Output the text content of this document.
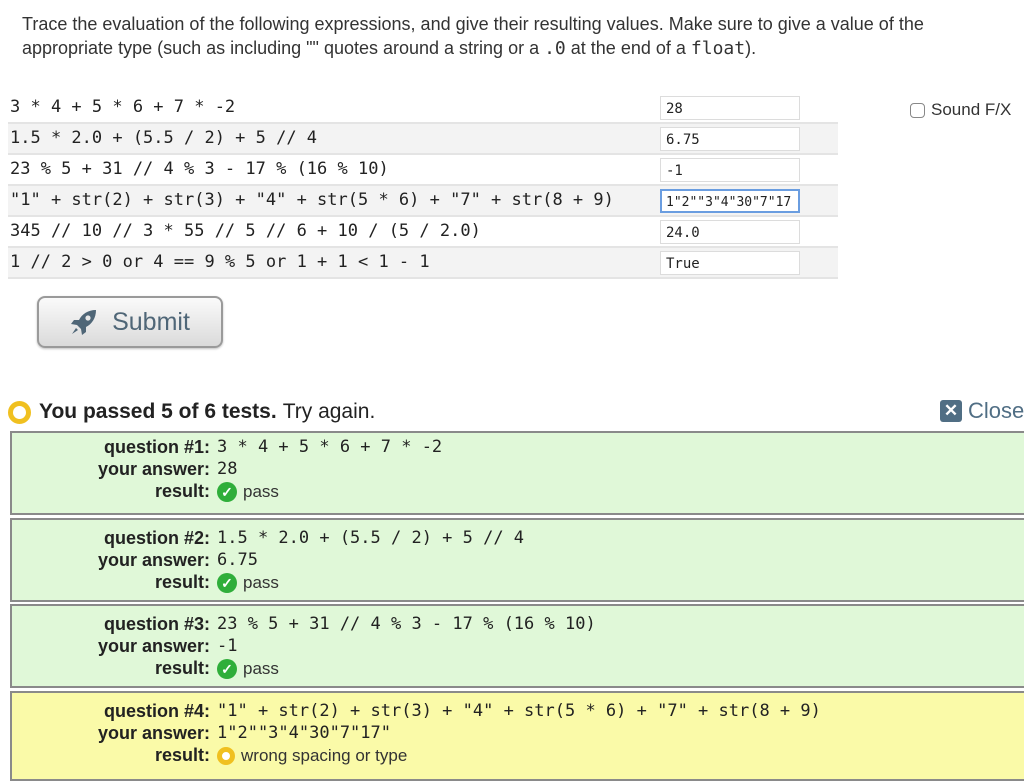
Trace the evaluation of the following expressions, and give their resulting values. Make sure to give a value of the
appropriate type (such as including "" quotes around a string or a .0 at the end of a float).
3 * 4 + 5 * 6 + 7 * -2	28
1.5 * 2.0 + (5.5 / 2) + 5 // 4	6.75
23 % 5 + 31 // 4 % 3 - 17 % (16 % 10)	-1
"1" + str(2) + str(3) + "4" + str(5 * 6) + "7" + str(8 + 9)	1"2""3"4"30"7"17
345 // 10 // 3 * 55 // 5 // 6 + 10 / (5 / 2.0)	24.0
1 // 2 > 0 or 4 == 9 % 5 or 1 + 1 < 1 - 1	True
Sound F/X
Submit
You passed 5 of 6 tests. Try again.	✕ Close
question #1: 3 * 4 + 5 * 6 + 7 * -2
your answer: 28
result: ✓ pass
question #2: 1.5 * 2.0 + (5.5 / 2) + 5 // 4
your answer: 6.75
result: ✓ pass
question #3: 23 % 5 + 31 // 4 % 3 - 17 % (16 % 10)
your answer: -1
result: ✓ pass
question #4: "1" + str(2) + str(3) + "4" + str(5 * 6) + "7" + str(8 + 9)
your answer: 1"2""3"4"30"7"17"
result: wrong spacing or type
